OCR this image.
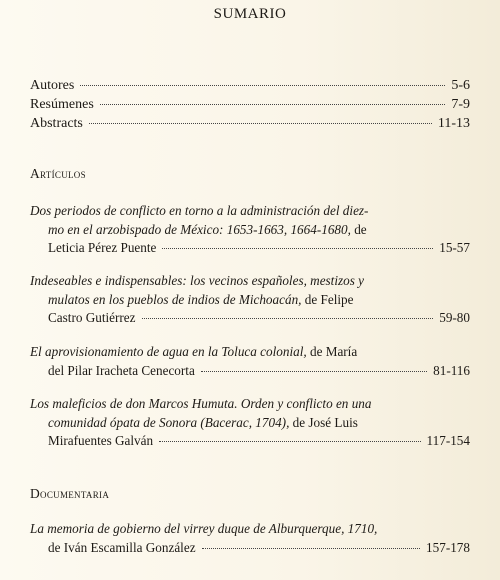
SUMARIO
Autores	5-6
Resúmenes	7-9
Abstracts	11-13
Artículos
Dos periodos de conflicto en torno a la administración del diez-
mo en el arzobispado de México: 1653-1663, 1664-1680, de
Leticia Pérez Puente	15-57
Indeseables e indispensables: los vecinos españoles, mestizos y
mulatos en los pueblos de indios de Michoacán, de Felipe
Castro Gutiérrez	59-80
El aprovisionamiento de agua en la Toluca colonial, de María
del Pilar Iracheta Cenecorta	81-116
Los maleficios de don Marcos Humuta. Orden y conflicto en una
comunidad ópata de Sonora (Bacerac, 1704), de José Luis
Mirafuentes Galván	117-154
Documentaria
La memoria de gobierno del virrey duque de Alburquerque, 1710,
de Iván Escamilla González	157-178
